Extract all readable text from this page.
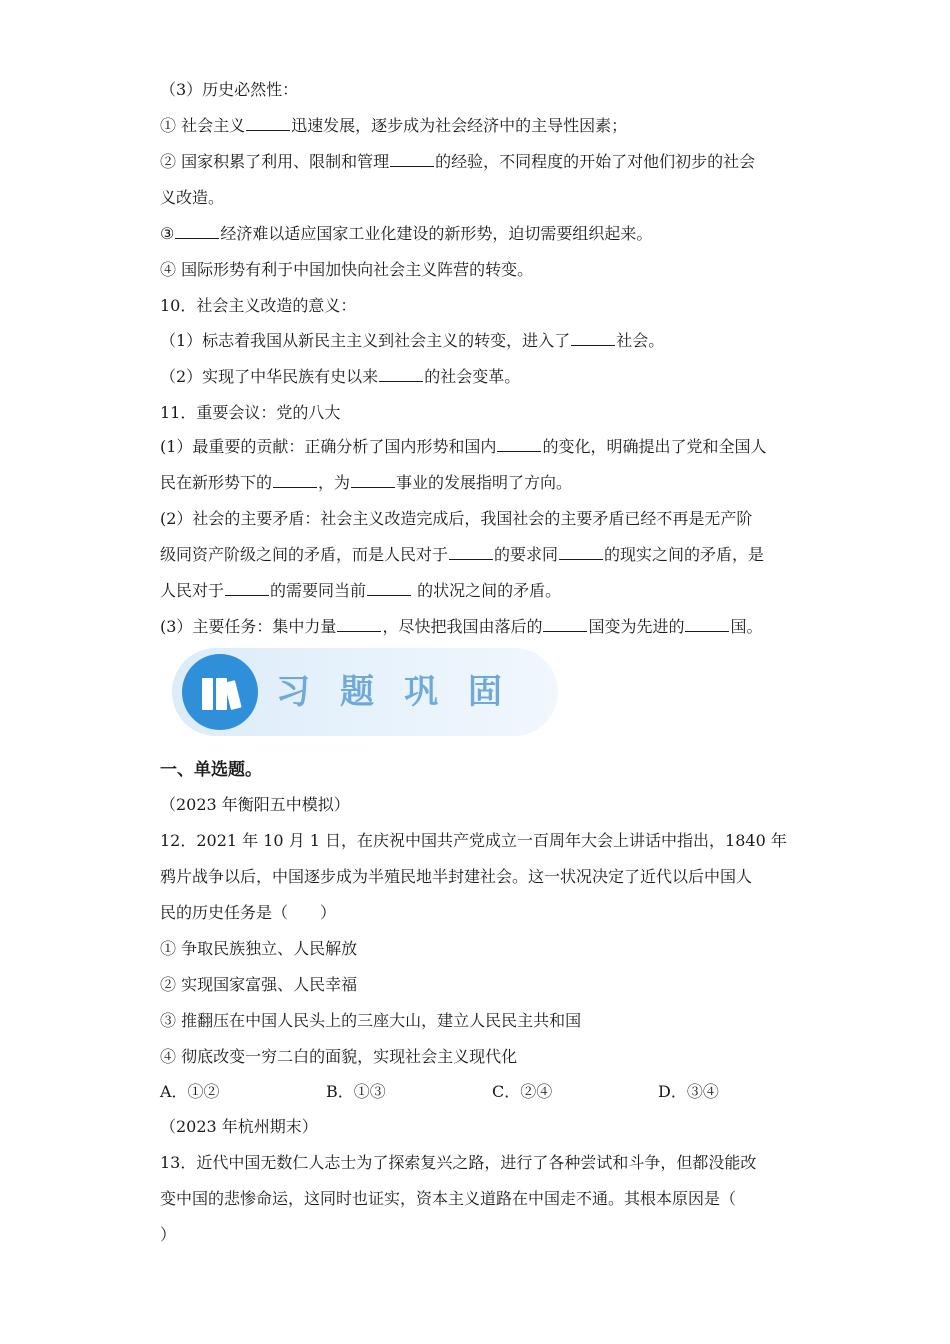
（3）历史必然性：
① 社会主义	迅速发展，逐步成为社会经济中的主导性因素；
② 国家积累了利用、限制和管理	的经验，不同程度的开始了对他们初步的社会
义改造。
③	经济难以适应国家工业化建设的新形势，迫切需要组织起来。
④ 国际形势有利于中国加快向社会主义阵营的转变。
10．社会主义改造的意义：
（1）标志着我国从新民主主义到社会主义的转变，进入了	社会。
（2）实现了中华民族有史以来	的社会变革。
11．重要会议：党的八大
(1）最重要的贡献：正确分析了国内形势和国内	的变化，明确提出了党和全国人
民在新形势下的	，为	事业的发展指明了方向。
(2）社会的主要矛盾：社会主义改造完成后，我国社会的主要矛盾已经不再是无产阶
级同资产阶级之间的矛盾，而是人民对于	的要求同	的现实之间的矛盾，是
人民对于	的需要同当前	的状况之间的矛盾。
(3）主要任务：集中力量	，尽快把我国由落后的	国变为先进的	国。
习题巩固
一、单选题。
（2023 年衡阳五中模拟）
12．2021 年 10 月 1 日，在庆祝中国共产党成立一百周年大会上讲话中指出，1840 年
鸦片战争以后，中国逐步成为半殖民地半封建社会。这一状况决定了近代以后中国人
民的历史任务是（　　）
① 争取民族独立、人民解放
② 实现国家富强、人民幸福
③ 推翻压在中国人民头上的三座大山，建立人民民主共和国
④ 彻底改变一穷二白的面貌，实现社会主义现代化
A．①②	B．①③	C．②④	D．③④
（2023 年杭州期末）
13．近代中国无数仁人志士为了探索复兴之路，进行了各种尝试和斗争，但都没能改
变中国的悲惨命运，这同时也证实，资本主义道路在中国走不通。其根本原因是（
）
